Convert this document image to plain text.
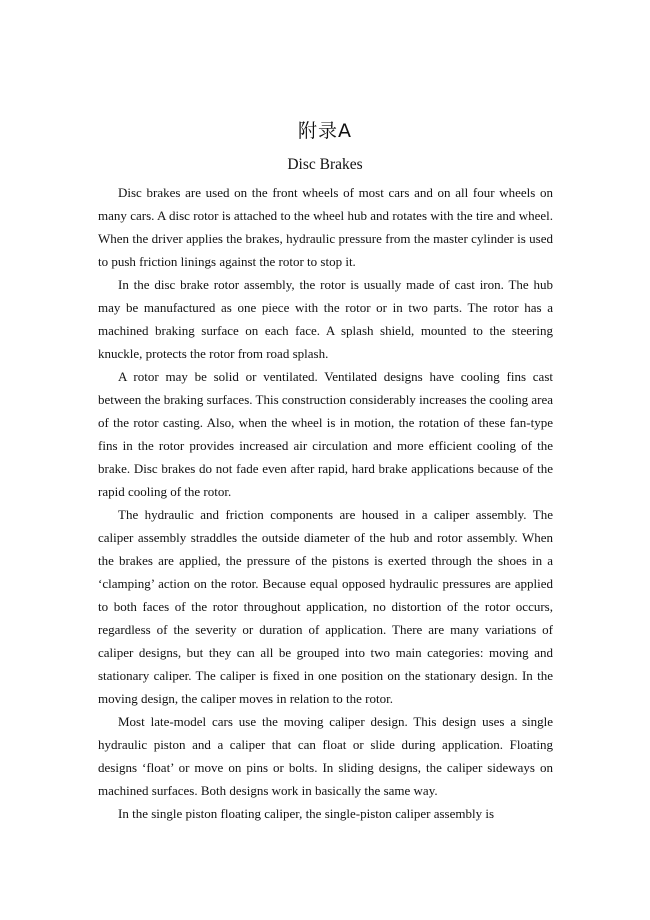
附录A
Disc Brakes

Disc brakes are used on the front wheels of most cars and on all four wheels on many cars. A disc rotor is attached to the wheel hub and rotates with the tire and wheel. When the driver applies the brakes, hydraulic pressure from the master cylinder is used to push friction linings against the rotor to stop it.

In the disc brake rotor assembly, the rotor is usually made of cast iron. The hub may be manufactured as one piece with the rotor or in two parts. The rotor has a machined braking surface on each face. A splash shield, mounted to the steering knuckle, protects the rotor from road splash.

A rotor may be solid or ventilated. Ventilated designs have cooling fins cast between the braking surfaces. This construction considerably increases the cooling area of the rotor casting. Also, when the wheel is in motion, the rotation of these fan-type fins in the rotor provides increased air circulation and more efficient cooling of the brake. Disc brakes do not fade even after rapid, hard brake applications because of the rapid cooling of the rotor.

The hydraulic and friction components are housed in a caliper assembly. The caliper assembly straddles the outside diameter of the hub and rotor assembly. When the brakes are applied, the pressure of the pistons is exerted through the shoes in a ‘clamping’ action on the rotor. Because equal opposed hydraulic pressures are applied to both faces of the rotor throughout application, no distortion of the rotor occurs, regardless of the severity or duration of application. There are many variations of caliper designs, but they can all be grouped into two main categories: moving and stationary caliper. The caliper is fixed in one position on the stationary design. In the moving design, the caliper moves in relation to the rotor.

Most late-model cars use the moving caliper design. This design uses a single hydraulic piston and a caliper that can float or slide during application. Floating designs ‘float’ or move on pins or bolts. In sliding designs, the caliper sideways on machined surfaces. Both designs work in basically the same way.

In the single piston floating caliper, the single-piston caliper assembly is
